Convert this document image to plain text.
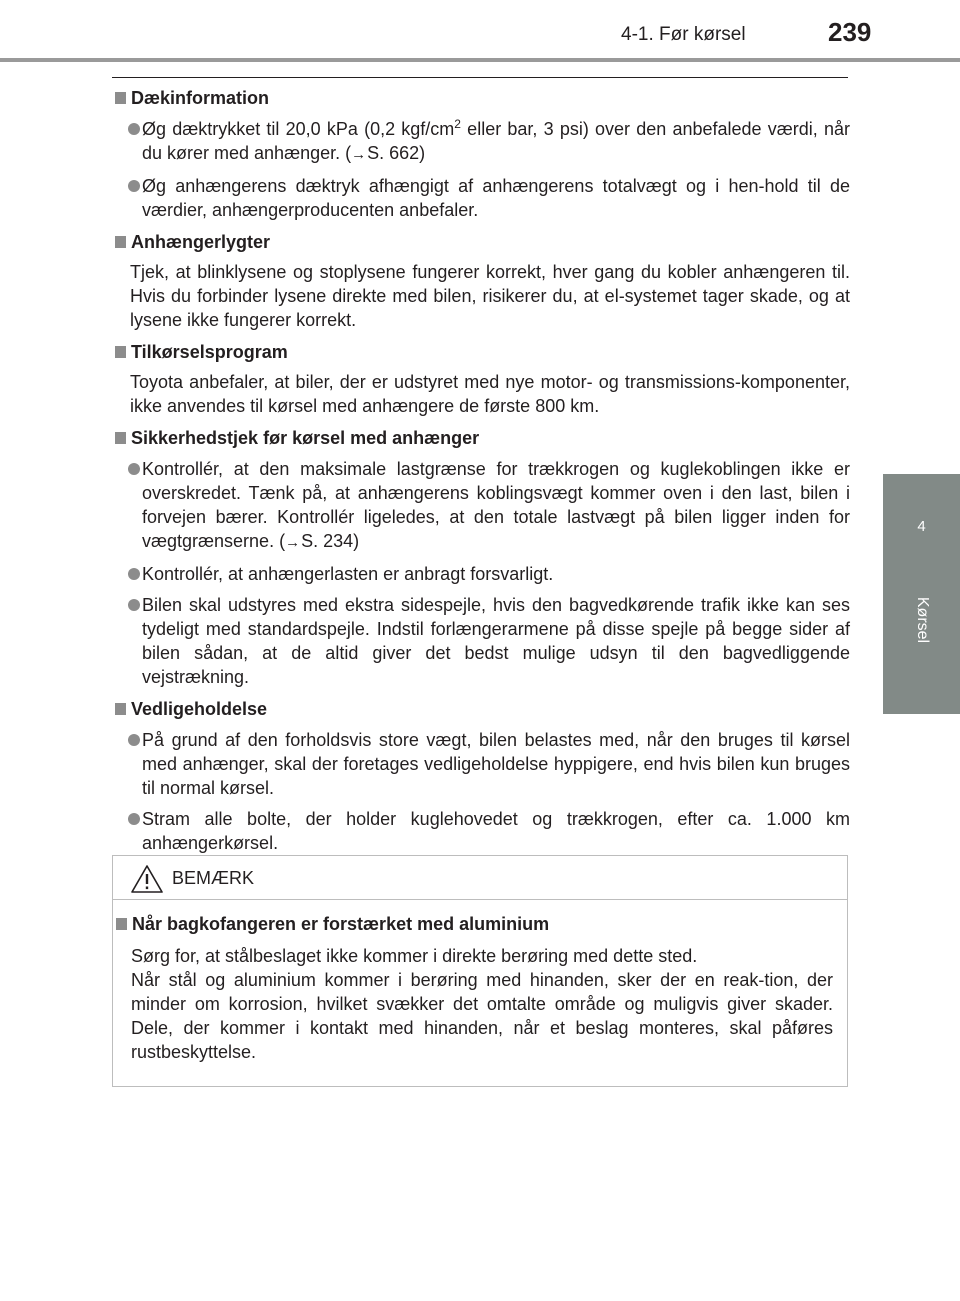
4-1. Før kørsel	239
4
Kørsel
Dækinformation
Øg dæktrykket til 20,0 kPa (0,2 kgf/$cm^2$ eller bar, 3 psi) over den anbefalede værdi, når du kører med anhænger. (→S. 662)
Øg anhængerens dæktryk afhængigt af anhængerens totalvægt og i hen-hold til de værdier, anhængerproducenten anbefaler.
Anhængerlygter
Tjek, at blinklysene og stoplysene fungerer korrekt, hver gang du kobler anhængeren til. Hvis du forbinder lysene direkte med bilen, risikerer du, at el-systemet tager skade, og at lysene ikke fungerer korrekt.
Tilkørselsprogram
Toyota anbefaler, at biler, der er udstyret med nye motor- og transmissions-komponenter, ikke anvendes til kørsel med anhængere de første 800 km.
Sikkerhedstjek før kørsel med anhænger
Kontrollér, at den maksimale lastgrænse for trækkrogen og kuglekoblingen ikke er overskredet. Tænk på, at anhængerens koblingsvægt kommer oven i den last, bilen i forvejen bærer. Kontrollér ligeledes, at den totale lastvægt på bilen ligger inden for vægtgrænserne. (→S. 234)
Kontrollér, at anhængerlasten er anbragt forsvarligt.
Bilen skal udstyres med ekstra sidespejle, hvis den bagvedkørende trafik ikke kan ses tydeligt med standardspejle. Indstil forlængerarmene på disse spejle på begge sider af bilen sådan, at de altid giver det bedst mulige udsyn til den bagvedliggende vejstrækning.
Vedligeholdelse
På grund af den forholdsvis store vægt, bilen belastes med, når den bruges til kørsel med anhænger, skal der foretages vedligeholdelse hyppigere, end hvis bilen kun bruges til normal kørsel.
Stram alle bolte, der holder kuglehovedet og trækkrogen, efter ca. 1.000 km anhængerkørsel.
BEMÆRK
Når bagkofangeren er forstærket med aluminium
Sørg for, at stålbeslaget ikke kommer i direkte berøring med dette sted.
Når stål og aluminium kommer i berøring med hinanden, sker der en reak-tion, der minder om korrosion, hvilket svækker det omtalte område og muligvis giver skader. Dele, der kommer i kontakt med hinanden, når et beslag monteres, skal påføres rustbeskyttelse.
